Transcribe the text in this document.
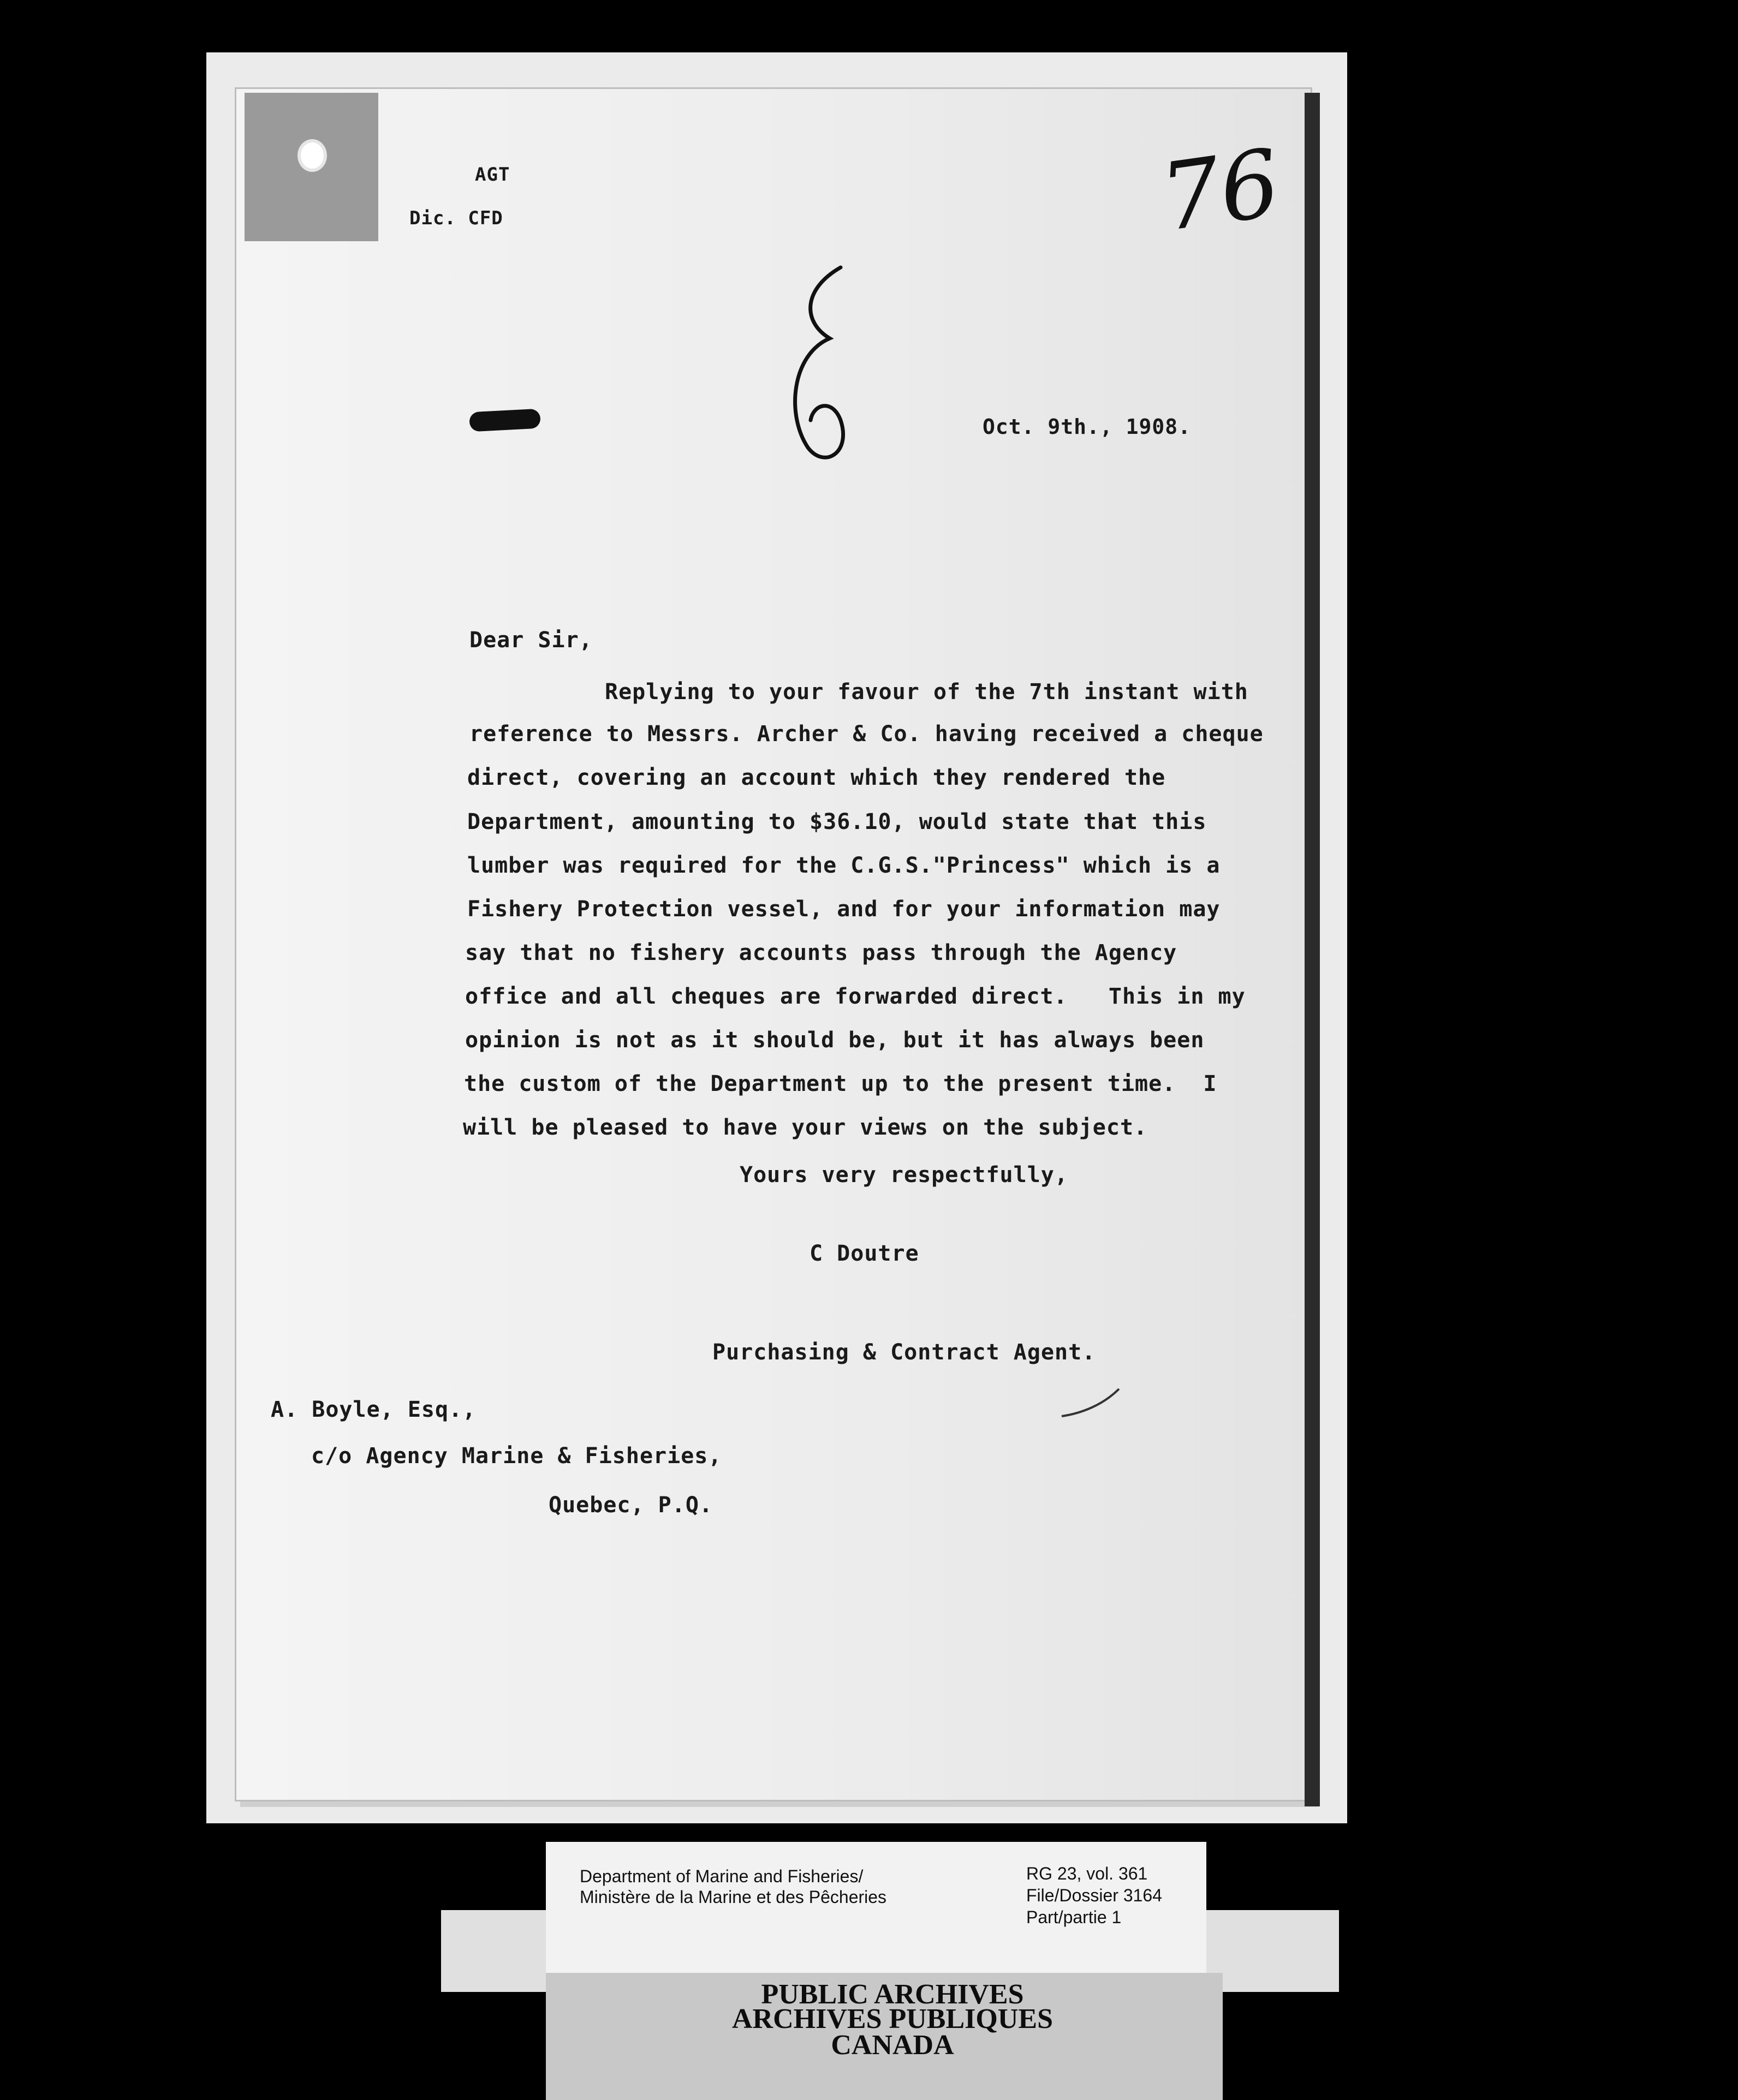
AGT
Dic. CFD	76
Oct. 9th., 1908.
Dear Sir,
Replying to your favour of the 7th instant with
reference to Messrs. Archer & Co. having received a cheque
direct, covering an account which they rendered the
Department, amounting to $36.10, would state that this
lumber was required for the C.G.S."Princess" which is a
Fishery Protection vessel, and for your information may
say that no fishery accounts pass through the Agency
office and all cheques are forwarded direct.   This in my
opinion is not as it should be, but it has always been
the custom of the Department up to the present time.  I
will be pleased to have your views on the subject.
Yours very respectfully,
C Doutre
Purchasing & Contract Agent.
A. Boyle, Esq.,
c/o Agency Marine & Fisheries,
Quebec, P.Q.
Department of Marine and Fisheries/
Ministère de la Marine et des Pêcheries
RG 23, vol. 361
File/Dossier 3164
Part/partie 1
PUBLIC ARCHIVES
ARCHIVES PUBLIQUES
CANADA
